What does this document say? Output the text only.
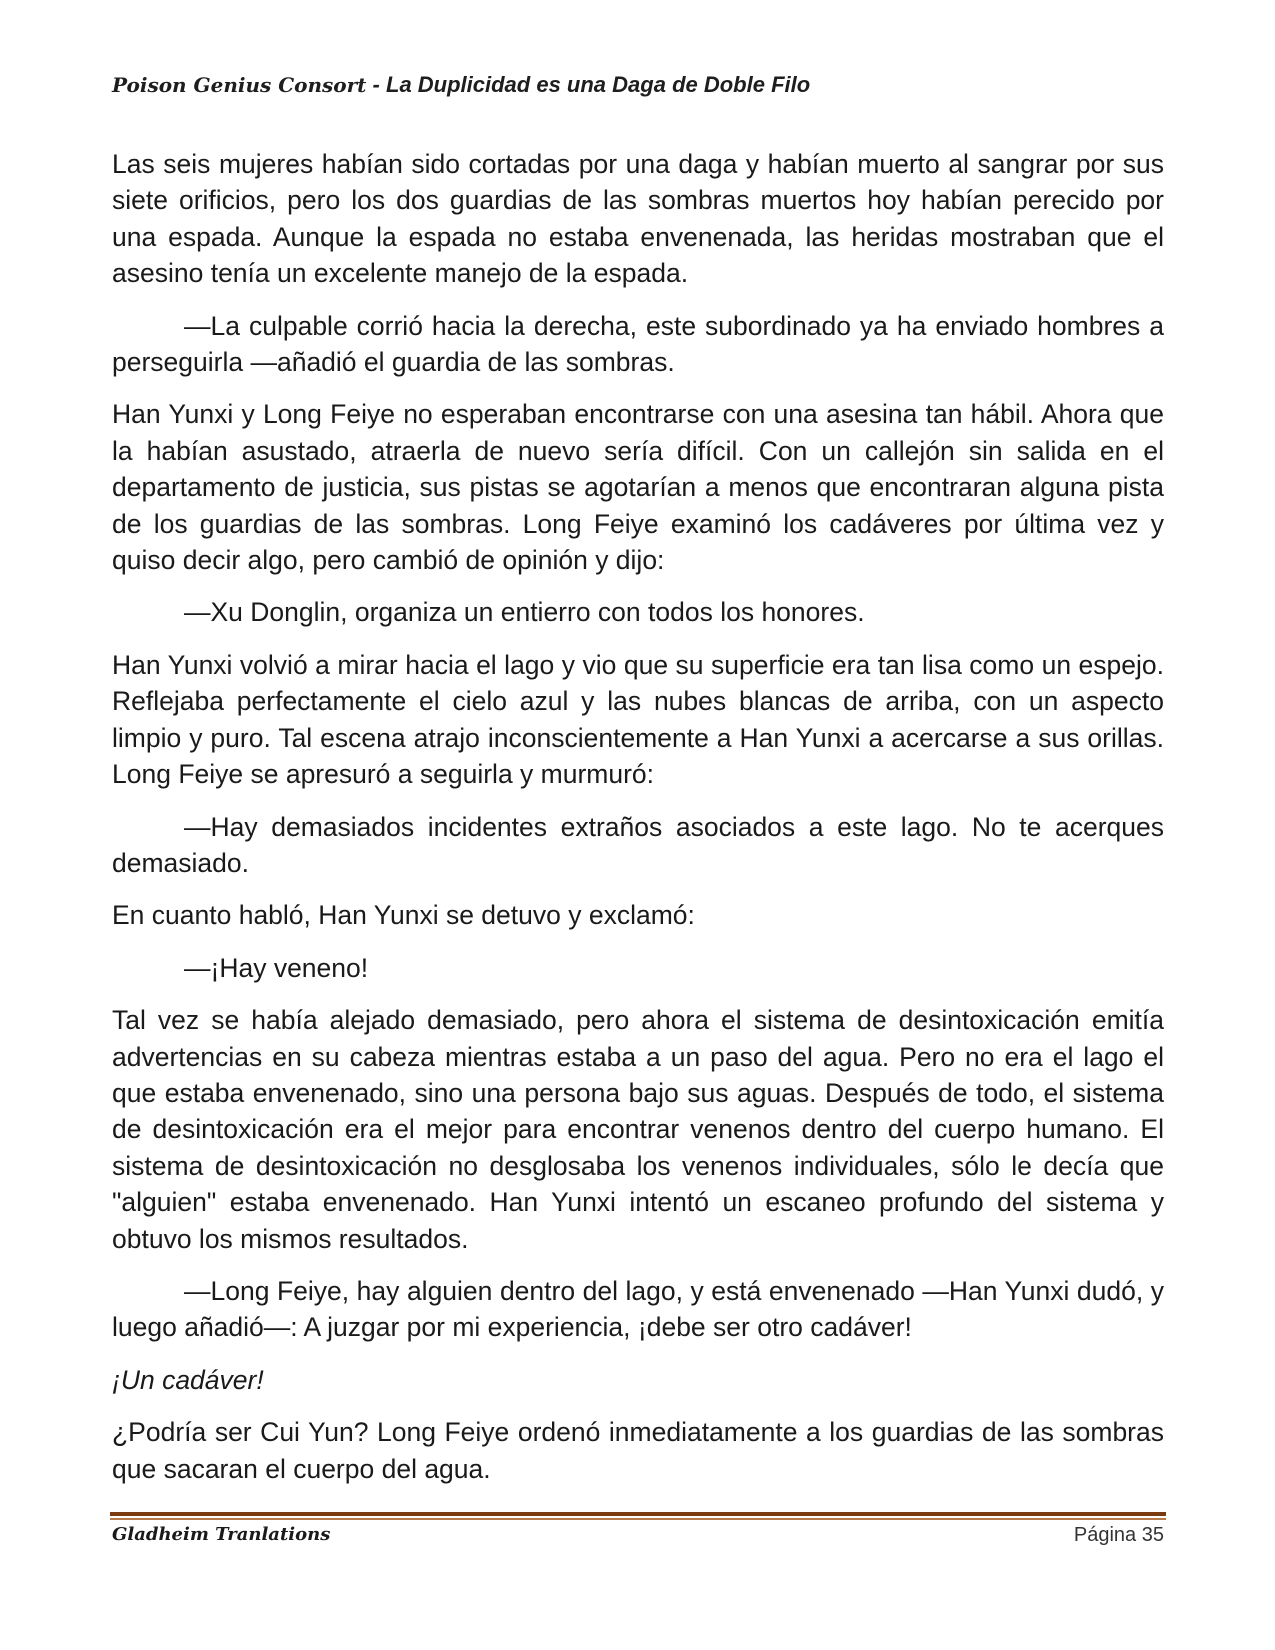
Poison Genius Consort - La Duplicidad es una Daga de Doble Filo

Las seis mujeres habían sido cortadas por una daga y habían muerto al sangrar por sus siete orificios, pero los dos guardias de las sombras muertos hoy habían perecido por una espada. Aunque la espada no estaba envenenada, las heridas mostraban que el asesino tenía un excelente manejo de la espada.

—La culpable corrió hacia la derecha, este subordinado ya ha enviado hombres a perseguirla —añadió el guardia de las sombras.

Han Yunxi y Long Feiye no esperaban encontrarse con una asesina tan hábil. Ahora que la habían asustado, atraerla de nuevo sería difícil. Con un callejón sin salida en el departamento de justicia, sus pistas se agotarían a menos que encontraran alguna pista de los guardias de las sombras. Long Feiye examinó los cadáveres por última vez y quiso decir algo, pero cambió de opinión y dijo:

—Xu Donglin, organiza un entierro con todos los honores.

Han Yunxi volvió a mirar hacia el lago y vio que su superficie era tan lisa como un espejo. Reflejaba perfectamente el cielo azul y las nubes blancas de arriba, con un aspecto limpio y puro. Tal escena atrajo inconscientemente a Han Yunxi a acercarse a sus orillas. Long Feiye se apresuró a seguirla y murmuró:

—Hay demasiados incidentes extraños asociados a este lago. No te acerques demasiado.

En cuanto habló, Han Yunxi se detuvo y exclamó:

—¡Hay veneno!

Tal vez se había alejado demasiado, pero ahora el sistema de desintoxicación emitía advertencias en su cabeza mientras estaba a un paso del agua. Pero no era el lago el que estaba envenenado, sino una persona bajo sus aguas. Después de todo, el sistema de desintoxicación era el mejor para encontrar venenos dentro del cuerpo humano. El sistema de desintoxicación no desglosaba los venenos individuales, sólo le decía que "alguien" estaba envenenado. Han Yunxi intentó un escaneo profundo del sistema y obtuvo los mismos resultados.

—Long Feiye, hay alguien dentro del lago, y está envenenado —Han Yunxi dudó, y luego añadió—: A juzgar por mi experiencia, ¡debe ser otro cadáver!

¡Un cadáver!

¿Podría ser Cui Yun? Long Feiye ordenó inmediatamente a los guardias de las sombras que sacaran el cuerpo del agua.

Gladheim Tranlations	Página 35
